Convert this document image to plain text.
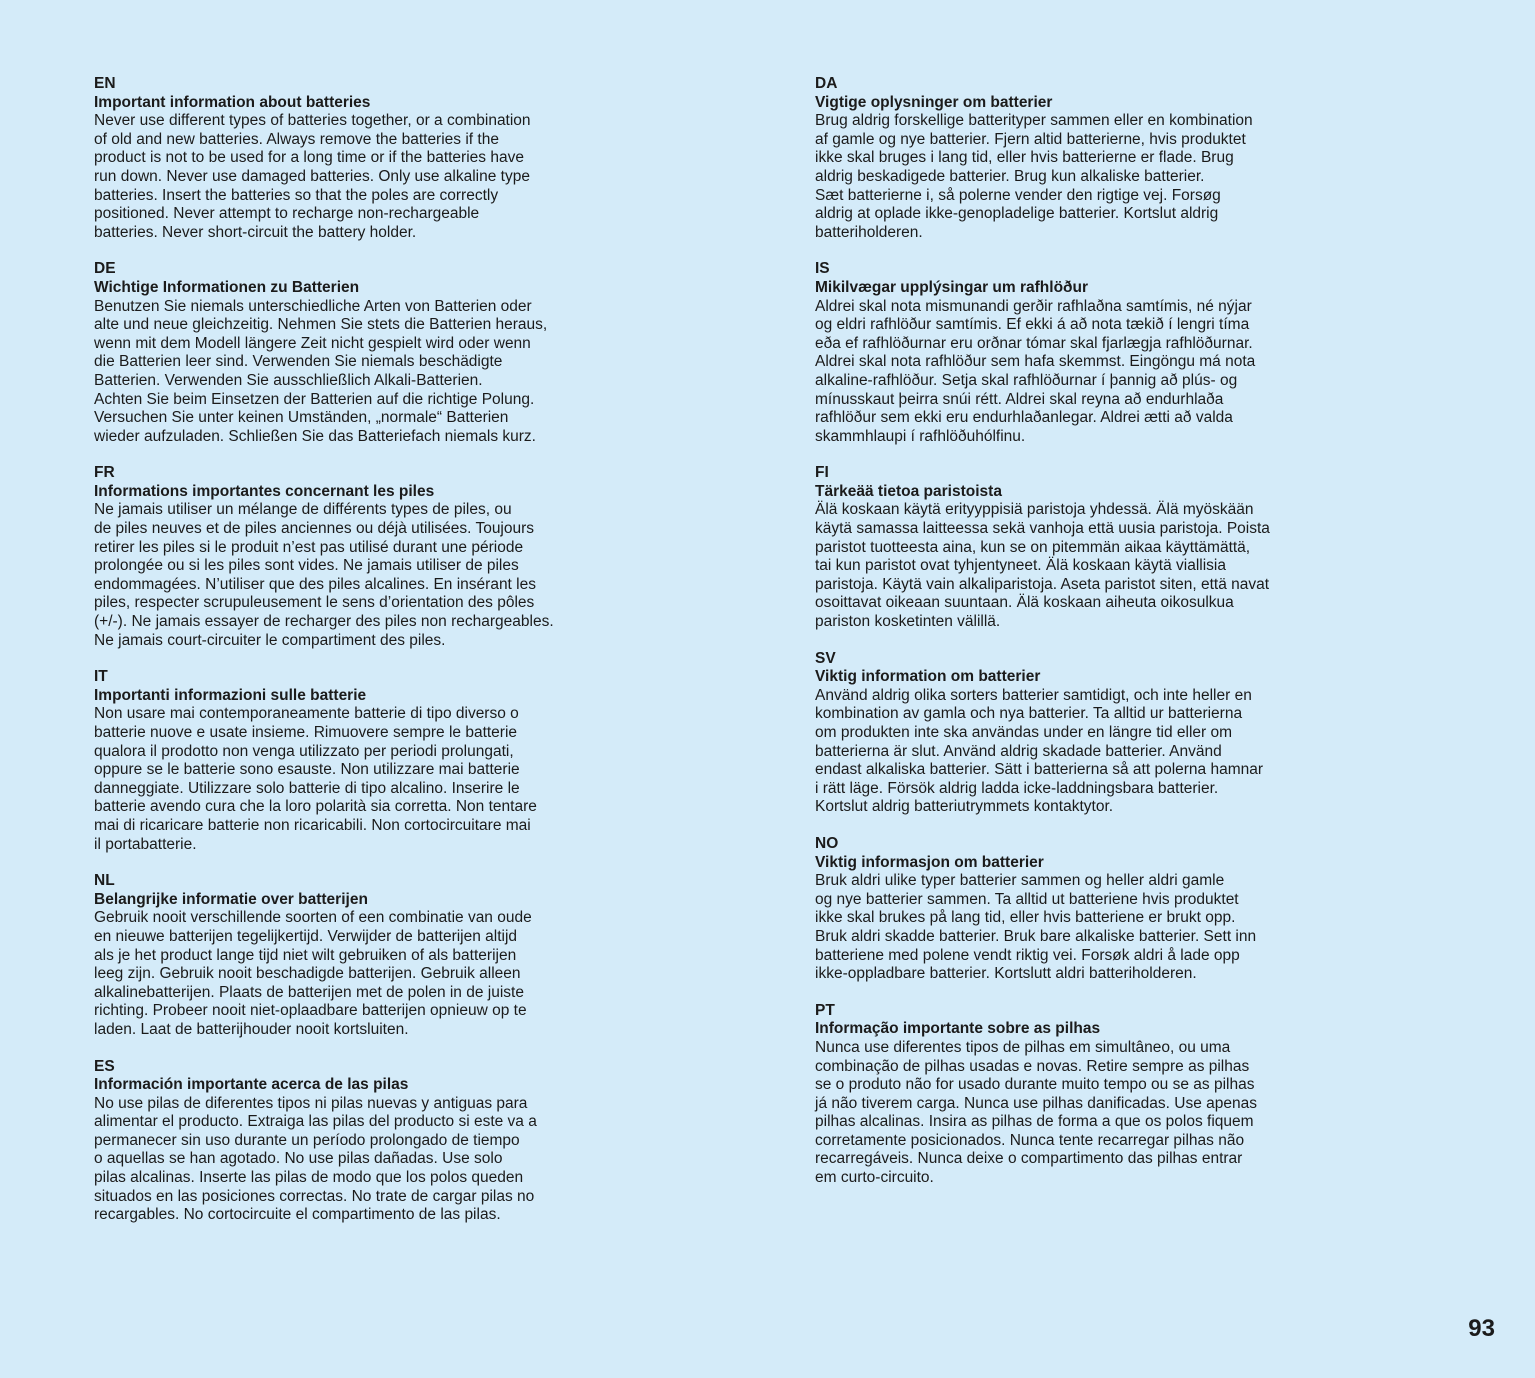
EN

Important information about batteries

Never use different types of batteries together, or a combination
of old and new batteries. Always remove the batteries if the
product is not to be used for a long time or if the batteries have
run down. Never use damaged batteries. Only use alkaline type
batteries. Insert the batteries so that the poles are correctly
positioned. Never attempt to recharge non-rechargeable
batteries. Never short-circuit the battery holder.

DE

Wichtige Informationen zu Batterien

Benutzen Sie niemals unterschiedliche Arten von Batterien oder
alte und neue gleichzeitig. Nehmen Sie stets die Batterien heraus,
wenn mit dem Modell längere Zeit nicht gespielt wird oder wenn
die Batterien leer sind. Verwenden Sie niemals beschädigte
Batterien. Verwenden Sie ausschließlich Alkali-Batterien.
Achten Sie beim Einsetzen der Batterien auf die richtige Polung.
Versuchen Sie unter keinen Umständen, „normale“ Batterien
wieder aufzuladen. Schließen Sie das Batteriefach niemals kurz.

FR

Informations importantes concernant les piles

Ne jamais utiliser un mélange de différents types de piles, ou
de piles neuves et de piles anciennes ou déjà utilisées. Toujours
retirer les piles si le produit n’est pas utilisé durant une période
prolongée ou si les piles sont vides. Ne jamais utiliser de piles
endommagées. N’utiliser que des piles alcalines. En insérant les
piles, respecter scrupuleusement le sens d’orientation des pôles
(+/-). Ne jamais essayer de recharger des piles non rechargeables.
Ne jamais court-circuiter le compartiment des piles.

IT

Importanti informazioni sulle batterie

Non usare mai contemporaneamente batterie di tipo diverso o
batterie nuove e usate insieme. Rimuovere sempre le batterie
qualora il prodotto non venga utilizzato per periodi prolungati,
oppure se le batterie sono esauste. Non utilizzare mai batterie
danneggiate. Utilizzare solo batterie di tipo alcalino. Inserire le
batterie avendo cura che la loro polarità sia corretta. Non tentare
mai di ricaricare batterie non ricaricabili. Non cortocircuitare mai
il portabatterie.

NL

Belangrijke informatie over batterijen

Gebruik nooit verschillende soorten of een combinatie van oude
en nieuwe batterijen tegelijkertijd. Verwijder de batterijen altijd
als je het product lange tijd niet wilt gebruiken of als batterijen
leeg zijn. Gebruik nooit beschadigde batterijen. Gebruik alleen
alkalinebatterijen. Plaats de batterijen met de polen in de juiste
richting. Probeer nooit niet-oplaadbare batterijen opnieuw op te
laden. Laat de batterijhouder nooit kortsluiten.

ES

Información importante acerca de las pilas

No use pilas de diferentes tipos ni pilas nuevas y antiguas para
alimentar el producto. Extraiga las pilas del producto si este va a
permanecer sin uso durante un período prolongado de tiempo
o aquellas se han agotado. No use pilas dañadas. Use solo
pilas alcalinas. Inserte las pilas de modo que los polos queden
situados en las posiciones correctas. No trate de cargar pilas no
recargables. No cortocircuite el compartimento de las pilas.

DA

Vigtige oplysninger om batterier

Brug aldrig forskellige batterityper sammen eller en kombination
af gamle og nye batterier. Fjern altid batterierne, hvis produktet
ikke skal bruges i lang tid, eller hvis batterierne er flade. Brug
aldrig beskadigede batterier. Brug kun alkaliske batterier.
Sæt batterierne i, så polerne vender den rigtige vej. Forsøg
aldrig at oplade ikke-genopladelige batterier. Kortslut aldrig
batteriholderen.

IS

Mikilvægar upplýsingar um rafhlöður

Aldrei skal nota mismunandi gerðir rafhlaðna samtímis, né nýjar
og eldri rafhlöður samtímis. Ef ekki á að nota tækið í lengri tíma
eða ef rafhlöðurnar eru orðnar tómar skal fjarlægja rafhlöðurnar.
Aldrei skal nota rafhlöður sem hafa skemmst. Eingöngu má nota
alkaline-rafhlöður. Setja skal rafhlöðurnar í þannig að plús- og
mínusskaut þeirra snúi rétt. Aldrei skal reyna að endurhlaða
rafhlöður sem ekki eru endurhlaðanlegar. Aldrei ætti að valda
skammhlaupi í rafhlöðuhólfinu.

FI

Tärkeää tietoa paristoista

Älä koskaan käytä erityyppisiä paristoja yhdessä. Älä myöskään
käytä samassa laitteessa sekä vanhoja että uusia paristoja. Poista
paristot tuotteesta aina, kun se on pitemmän aikaa käyttämättä,
tai kun paristot ovat tyhjentyneet. Älä koskaan käytä viallisia
paristoja. Käytä vain alkaliparistoja. Aseta paristot siten, että navat
osoittavat oikeaan suuntaan. Älä koskaan aiheuta oikosulkua
pariston kosketinten välillä.

SV

Viktig information om batterier

Använd aldrig olika sorters batterier samtidigt, och inte heller en
kombination av gamla och nya batterier. Ta alltid ur batterierna
om produkten inte ska användas under en längre tid eller om
batterierna är slut. Använd aldrig skadade batterier. Använd
endast alkaliska batterier. Sätt i batterierna så att polerna hamnar
i rätt läge. Försök aldrig ladda icke-laddningsbara batterier.
Kortslut aldrig batteriutrymmets kontaktytor.

NO

Viktig informasjon om batterier

Bruk aldri ulike typer batterier sammen og heller aldri gamle
og nye batterier sammen. Ta alltid ut batteriene hvis produktet
ikke skal brukes på lang tid, eller hvis batteriene er brukt opp.
Bruk aldri skadde batterier. Bruk bare alkaliske batterier. Sett inn
batteriene med polene vendt riktig vei. Forsøk aldri å lade opp
ikke-oppladbare batterier. Kortslutt aldri batteriholderen.

PT

Informação importante sobre as pilhas

Nunca use diferentes tipos de pilhas em simultâneo, ou uma
combinação de pilhas usadas e novas. Retire sempre as pilhas
se o produto não for usado durante muito tempo ou se as pilhas
já não tiverem carga. Nunca use pilhas danificadas. Use apenas
pilhas alcalinas. Insira as pilhas de forma a que os polos fiquem
corretamente posicionados. Nunca tente recarregar pilhas não
recarregáveis. Nunca deixe o compartimento das pilhas entrar
em curto-circuito.

93
